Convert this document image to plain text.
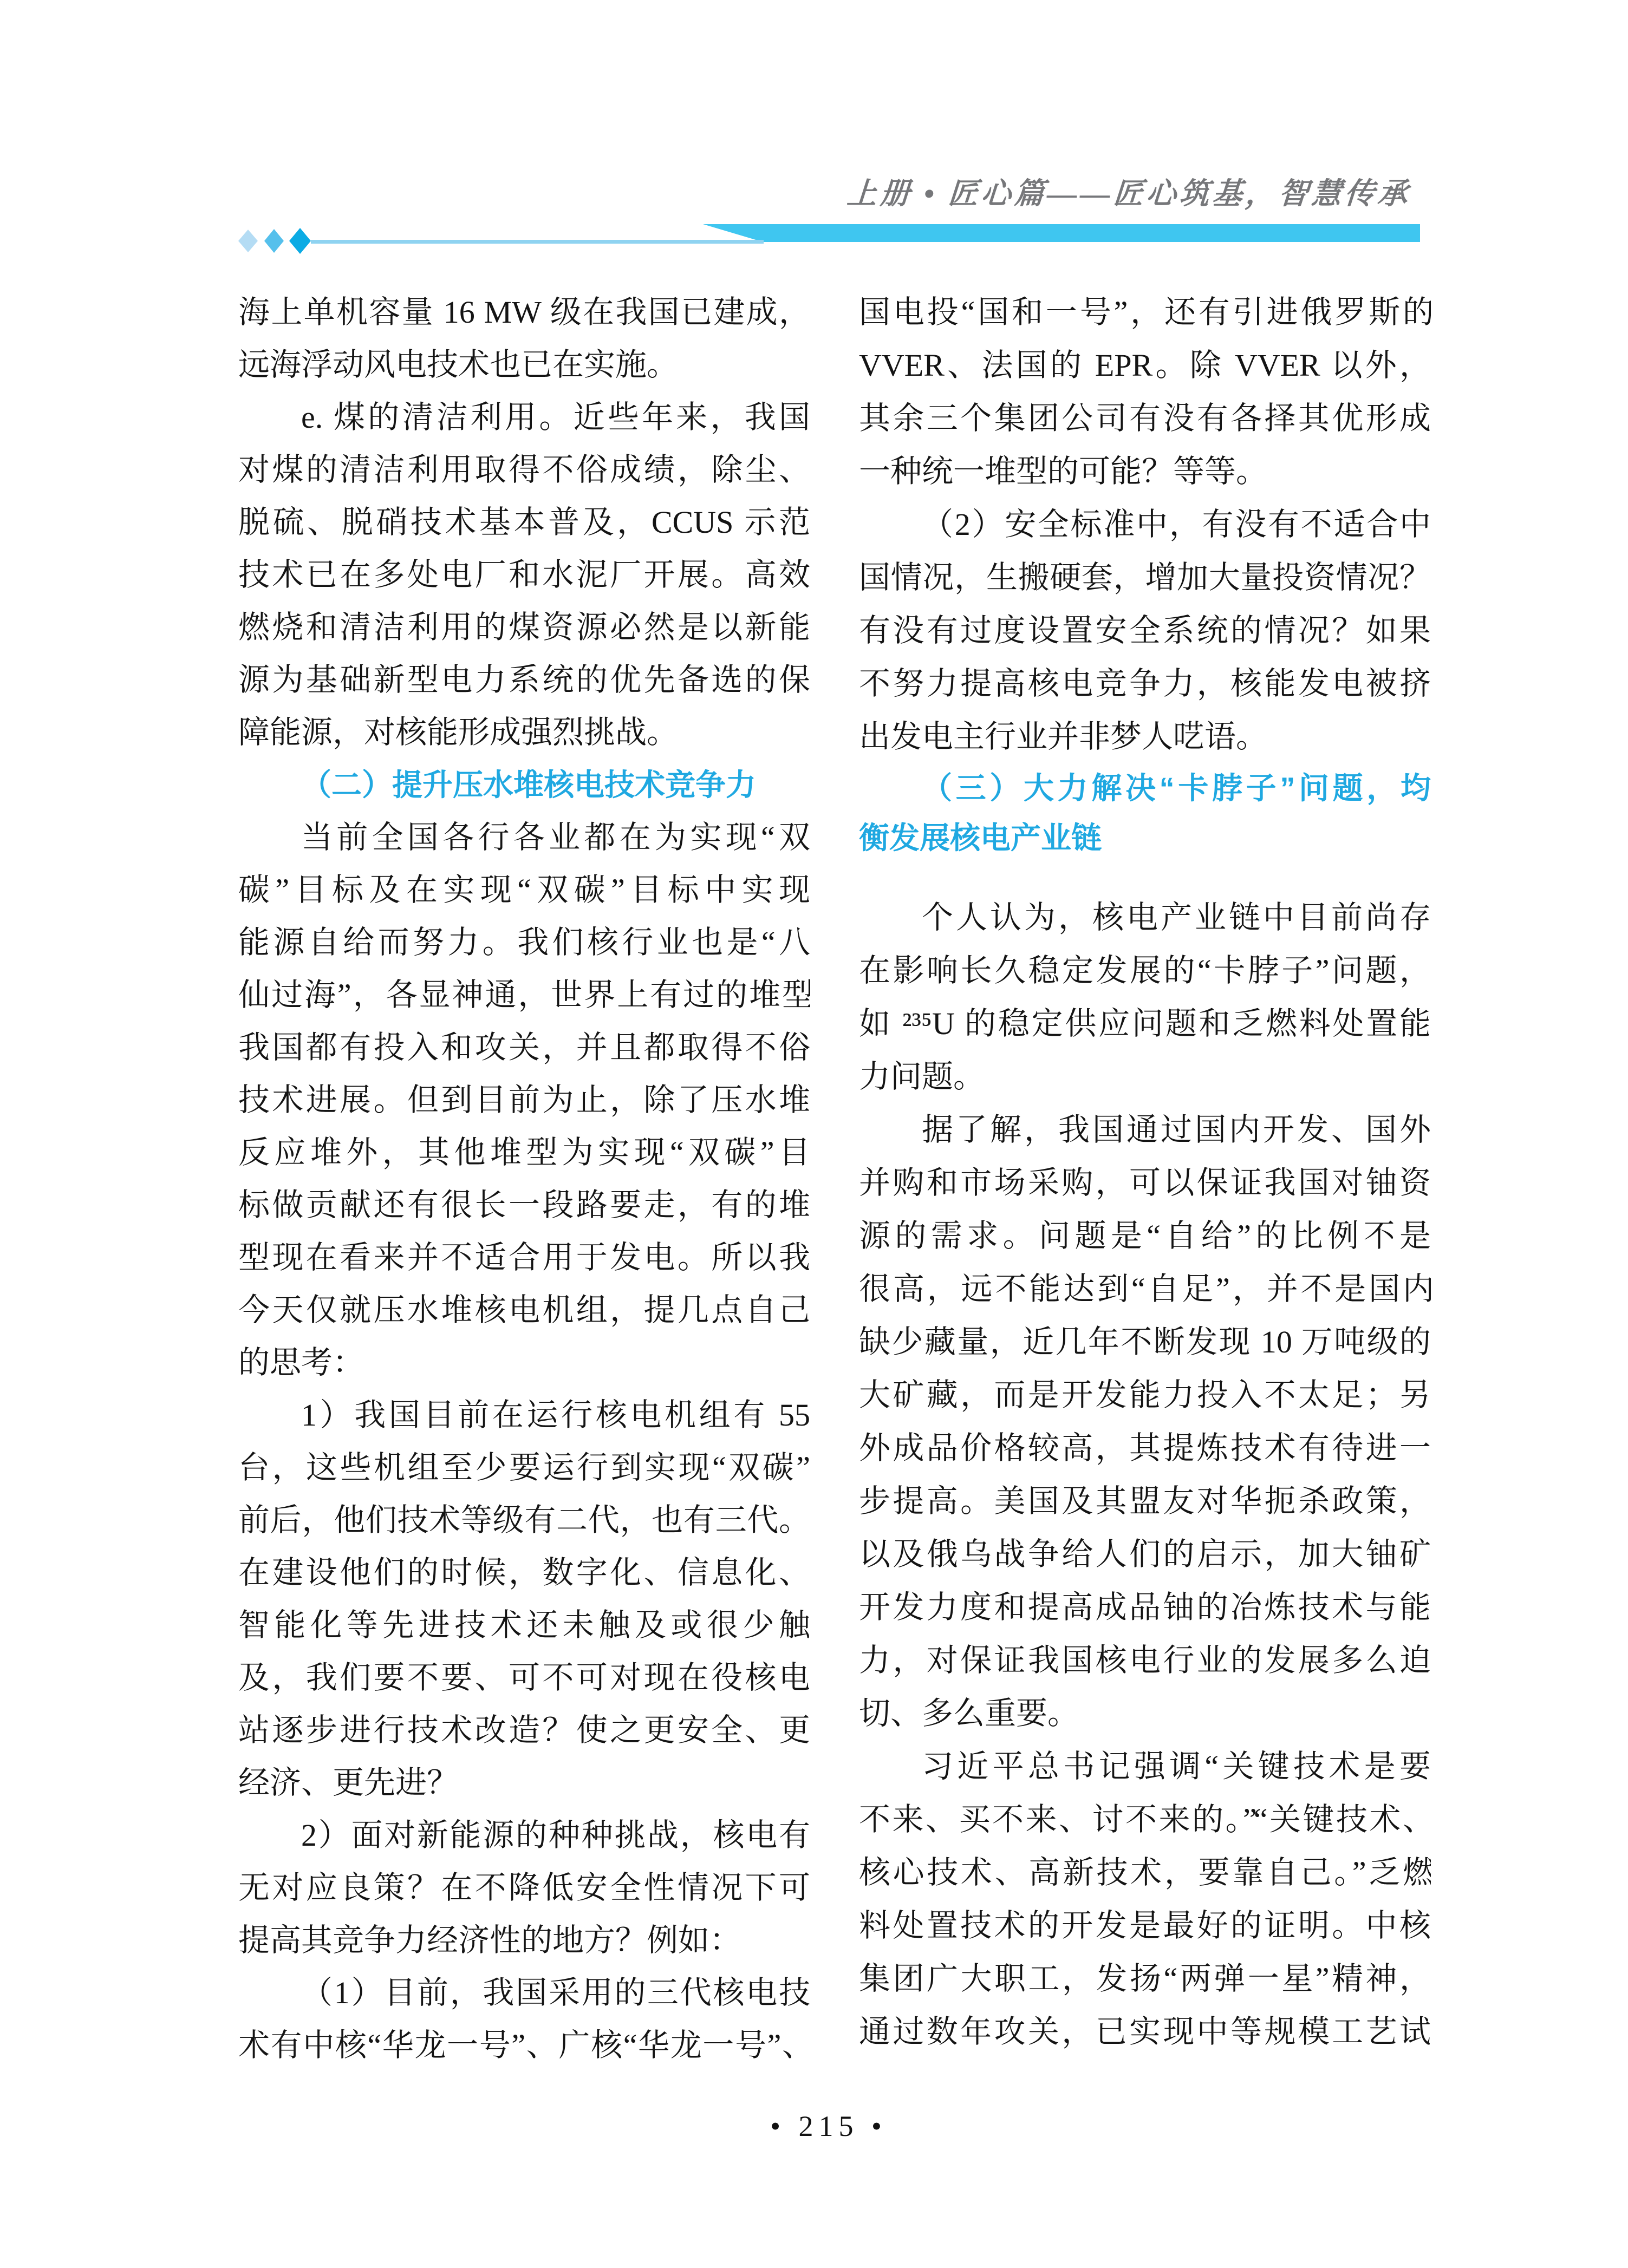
上册 • 匠心篇——匠心筑基，智慧传承
海上单机容量 16 MW 级在我国已建成，
远海浮动风电技术也已在实施。
e. 煤的清洁利用。近些年来，我国
对煤的清洁利用取得不俗成绩，除尘、
脱硫、脱硝技术基本普及，CCUS 示范
技术已在多处电厂和水泥厂开展。高效
燃烧和清洁利用的煤资源必然是以新能
源为基础新型电力系统的优先备选的保
障能源，对核能形成强烈挑战。
（二）提升压水堆核电技术竞争力
当前全国各行各业都在为实现“双
碳”目标及在实现“双碳”目标中实现
能源自给而努力。我们核行业也是“八
仙过海”，各显神通，世界上有过的堆型
我国都有投入和攻关，并且都取得不俗
技术进展。但到目前为止，除了压水堆
反应堆外，其他堆型为实现“双碳”目
标做贡献还有很长一段路要走，有的堆
型现在看来并不适合用于发电。所以我
今天仅就压水堆核电机组，提几点自己
的思考：
1）我国目前在运行核电机组有 55
台，这些机组至少要运行到实现“双碳”
前后，他们技术等级有二代，也有三代。
在建设他们的时候，数字化、信息化、
智能化等先进技术还未触及或很少触
及，我们要不要、可不可对现在役核电
站逐步进行技术改造？使之更安全、更
经济、更先进？
2）面对新能源的种种挑战，核电有
无对应良策？在不降低安全性情况下可
提高其竞争力经济性的地方？例如：
（1）目前，我国采用的三代核电技
术有中核“华龙一号”、广核“华龙一号”、
国电投“国和一号”，还有引进俄罗斯的
VVER、法国的 EPR。除 VVER 以外，
其余三个集团公司有没有各择其优形成
一种统一堆型的可能？等等。
（2）安全标准中，有没有不适合中
国情况，生搬硬套，增加大量投资情况？
有没有过度设置安全系统的情况？如果
不努力提高核电竞争力，核能发电被挤
出发电主行业并非梦人呓语。
（三）大力解决“卡脖子”问题，均
衡发展核电产业链
个人认为，核电产业链中目前尚存
在影响长久稳定发展的“卡脖子”问题，
如 ²³⁵U 的稳定供应问题和乏燃料处置能
力问题。
据了解，我国通过国内开发、国外
并购和市场采购，可以保证我国对铀资
源的需求。问题是“自给”的比例不是
很高，远不能达到“自足”，并不是国内
缺少藏量，近几年不断发现 10 万吨级的
大矿藏，而是开发能力投入不太足；另
外成品价格较高，其提炼技术有待进一
步提高。美国及其盟友对华扼杀政策，
以及俄乌战争给人们的启示，加大铀矿
开发力度和提高成品铀的冶炼技术与能
力，对保证我国核电行业的发展多么迫
切、多么重要。
习近平总书记强调“关键技术是要
不来、买不来、讨不来的。”“关键技术、
核心技术、高新技术，要靠自己。”乏燃
料处置技术的开发是最好的证明。中核
集团广大职工，发扬“两弹一星”精神，
通过数年攻关，已实现中等规模工艺试
• 215 •
